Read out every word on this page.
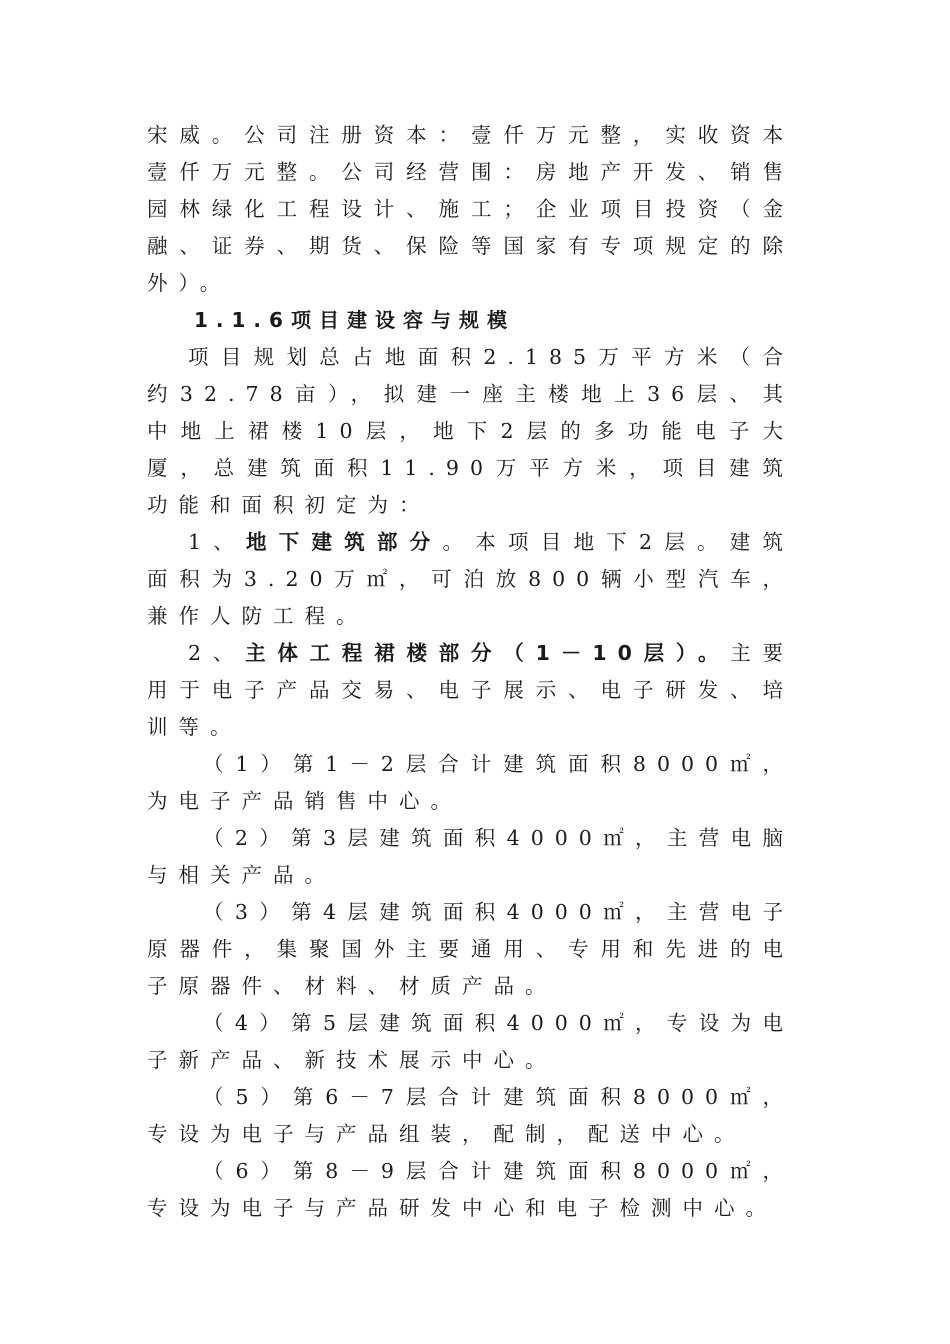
宋威。公司注册资本：壹仟万元整，实收资本壹仟万元整。公司经营围：房地产开发、销售园林绿化工程设计、施工；企业项目投资（金融、证券、期货、保险等国家有专项规定的除外）。

1.1.6项目建设容与规模

项目规划总占地面积2.185万平方米（合约32.78亩），拟建一座主楼地上36层、其中地上裙楼10层，地下2层的多功能电子大厦，总建筑面积11.90万平方米，项目建筑功能和面积初定为：

1、地下建筑部分。本项目地下2层。建筑面积为3.20万㎡，可泊放800辆小型汽车，兼作人防工程。

2、主体工程裙楼部分（1－10层）。主要用于电子产品交易、电子展示、电子研发、培训等。

（1）第1－2层合计建筑面积8000㎡，为电子产品销售中心。

（2）第3层建筑面积4000㎡，主营电脑与相关产品。

（3）第4层建筑面积4000㎡，主营电子原器件，集聚国外主要通用、专用和先进的电子原器件、材料、材质产品。

（4）第5层建筑面积4000㎡，专设为电子新产品、新技术展示中心。

（5）第6－7层合计建筑面积8000㎡，专设为电子与产品组装，配制，配送中心。

（6）第8－9层合计建筑面积8000㎡，专设为电子与产品研发中心和电子检测中心。
